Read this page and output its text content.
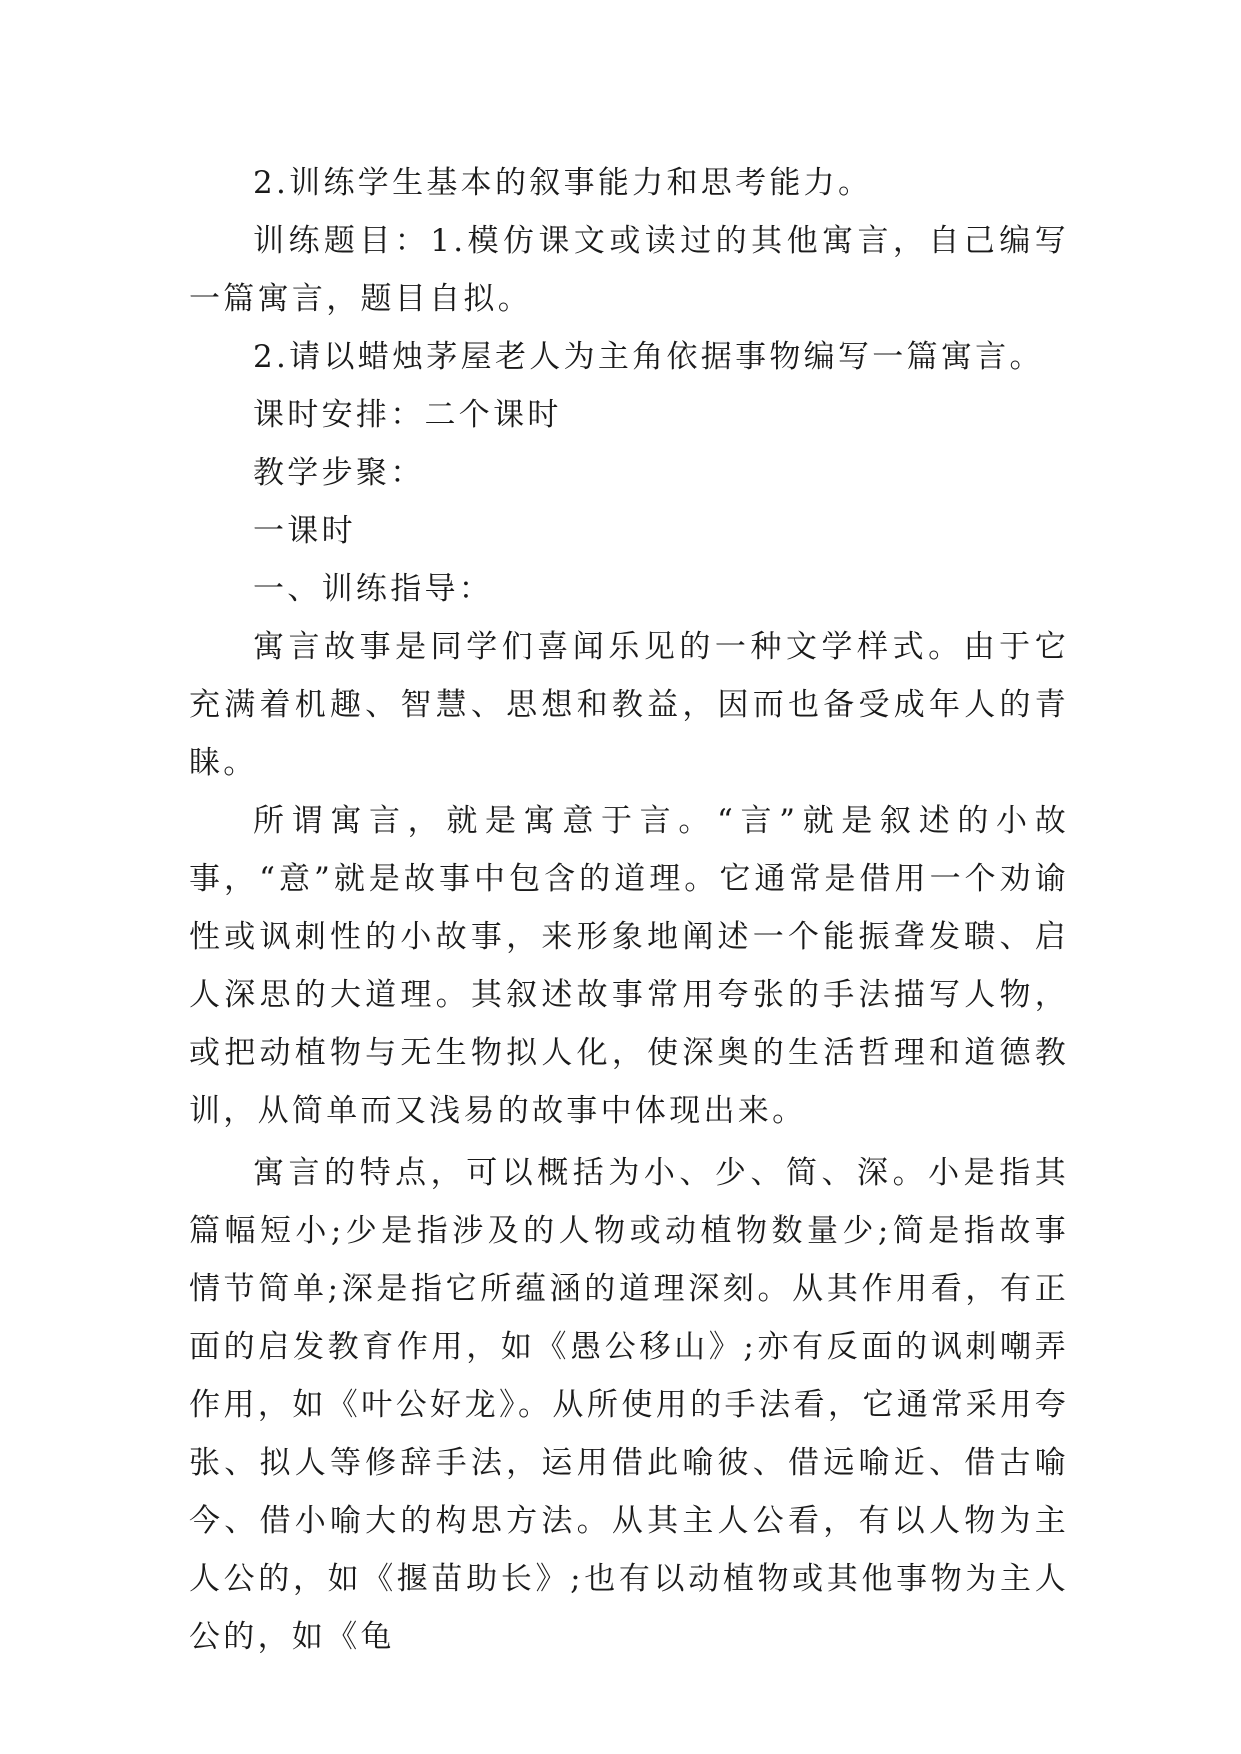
2.训练学生基本的叙事能力和思考能力。

训练题目：1.模仿课文或读过的其他寓言，自己编写一篇寓言，题目自拟。

2.请以蜡烛茅屋老人为主角依据事物编写一篇寓言。

课时安排：二个课时

教学步聚：

一课时

一、训练指导：

寓言故事是同学们喜闻乐见的一种文学样式。由于它充满着机趣、智慧、思想和教益，因而也备受成年人的青睐。

所谓寓言，就是寓意于言。“言”就是叙述的小故事，“意”就是故事中包含的道理。它通常是借用一个劝谕性或讽刺性的小故事，来形象地阐述一个能振聋发聩、启人深思的大道理。其叙述故事常用夸张的手法描写人物，或把动植物与无生物拟人化，使深奥的生活哲理和道德教训，从简单而又浅易的故事中体现出来。

寓言的特点，可以概括为小、少、简、深。小是指其篇幅短小;少是指涉及的人物或动植物数量少;简是指故事情节简单;深是指它所蕴涵的道理深刻。从其作用看，有正面的启发教育作用，如《愚公移山》;亦有反面的讽刺嘲弄作用，如《叶公好龙》。从所使用的手法看，它通常采用夸张、拟人等修辞手法，运用借此喻彼、借远喻近、借古喻今、借小喻大的构思方法。从其主人公看，有以人物为主人公的，如《揠苗助长》;也有以动植物或其他事物为主人公的，如《龟
